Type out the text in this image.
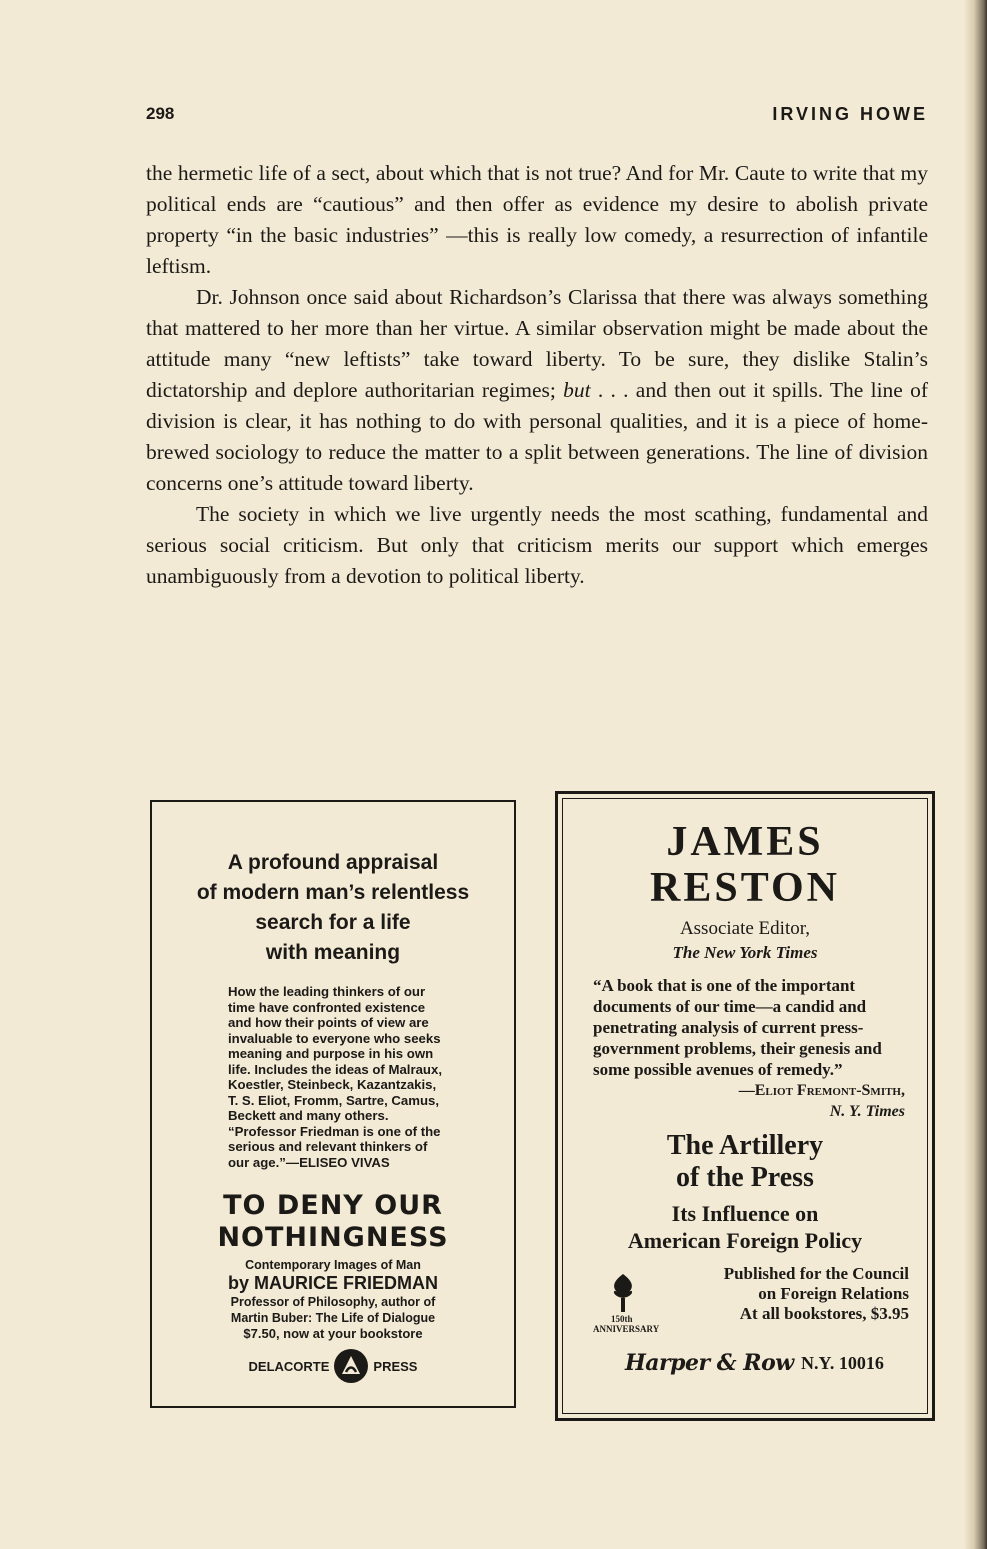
298	IRVING HOWE

the hermetic life of a sect, about which that is not true? And for Mr. Caute to write that my political ends are “cautious” and then offer as evidence my desire to abolish private property “in the basic industries” —this is really low comedy, a resurrection of infantile leftism.

Dr. Johnson once said about Richardson’s Clarissa that there was always something that mattered to her more than her virtue. A similar observation might be made about the attitude many “new leftists” take toward liberty. To be sure, they dislike Stalin’s dictatorship and deplore authoritarian regimes; but . . . and then out it spills. The line of division is clear, it has nothing to do with personal qualities, and it is a piece of home-brewed sociology to reduce the matter to a split between generations. The line of division concerns one’s attitude toward liberty.

The society in which we live urgently needs the most scathing, fundamental and serious social criticism. But only that criticism merits our support which emerges unambiguously from a devotion to political liberty.

A profound appraisal
of modern man’s relentless
search for a life
with meaning
How the leading thinkers of our time have confronted existence and how their points of view are invaluable to everyone who seeks meaning and purpose in his own life. Includes the ideas of Malraux, Koestler, Steinbeck, Kazantzakis, T. S. Eliot, Fromm, Sartre, Camus, Beckett and many others. “Professor Friedman is one of the serious and relevant thinkers of our age.”—ELISEO VIVAS
TO DENY OUR
NOTHINGNESS
Contemporary Images of Man
by MAURICE FRIEDMAN
Professor of Philosophy, author of
Martin Buber: The Life of Dialogue
$7.50, now at your bookstore
DELACORTE	PRESS
JAMES
RESTON
Associate Editor,
The New York Times
“A book that is one of the important documents of our time—a candid and penetrating analysis of current press-government problems, their genesis and some possible avenues of remedy.”
—Eliot Fremont-Smith,
N. Y. Times
The Artillery
of the Press
Its Influence on
American Foreign Policy
Published for the Council
on Foreign Relations
At all bookstores, $3.95
150th
ANNIVERSARY
Harper & Row N.Y. 10016
